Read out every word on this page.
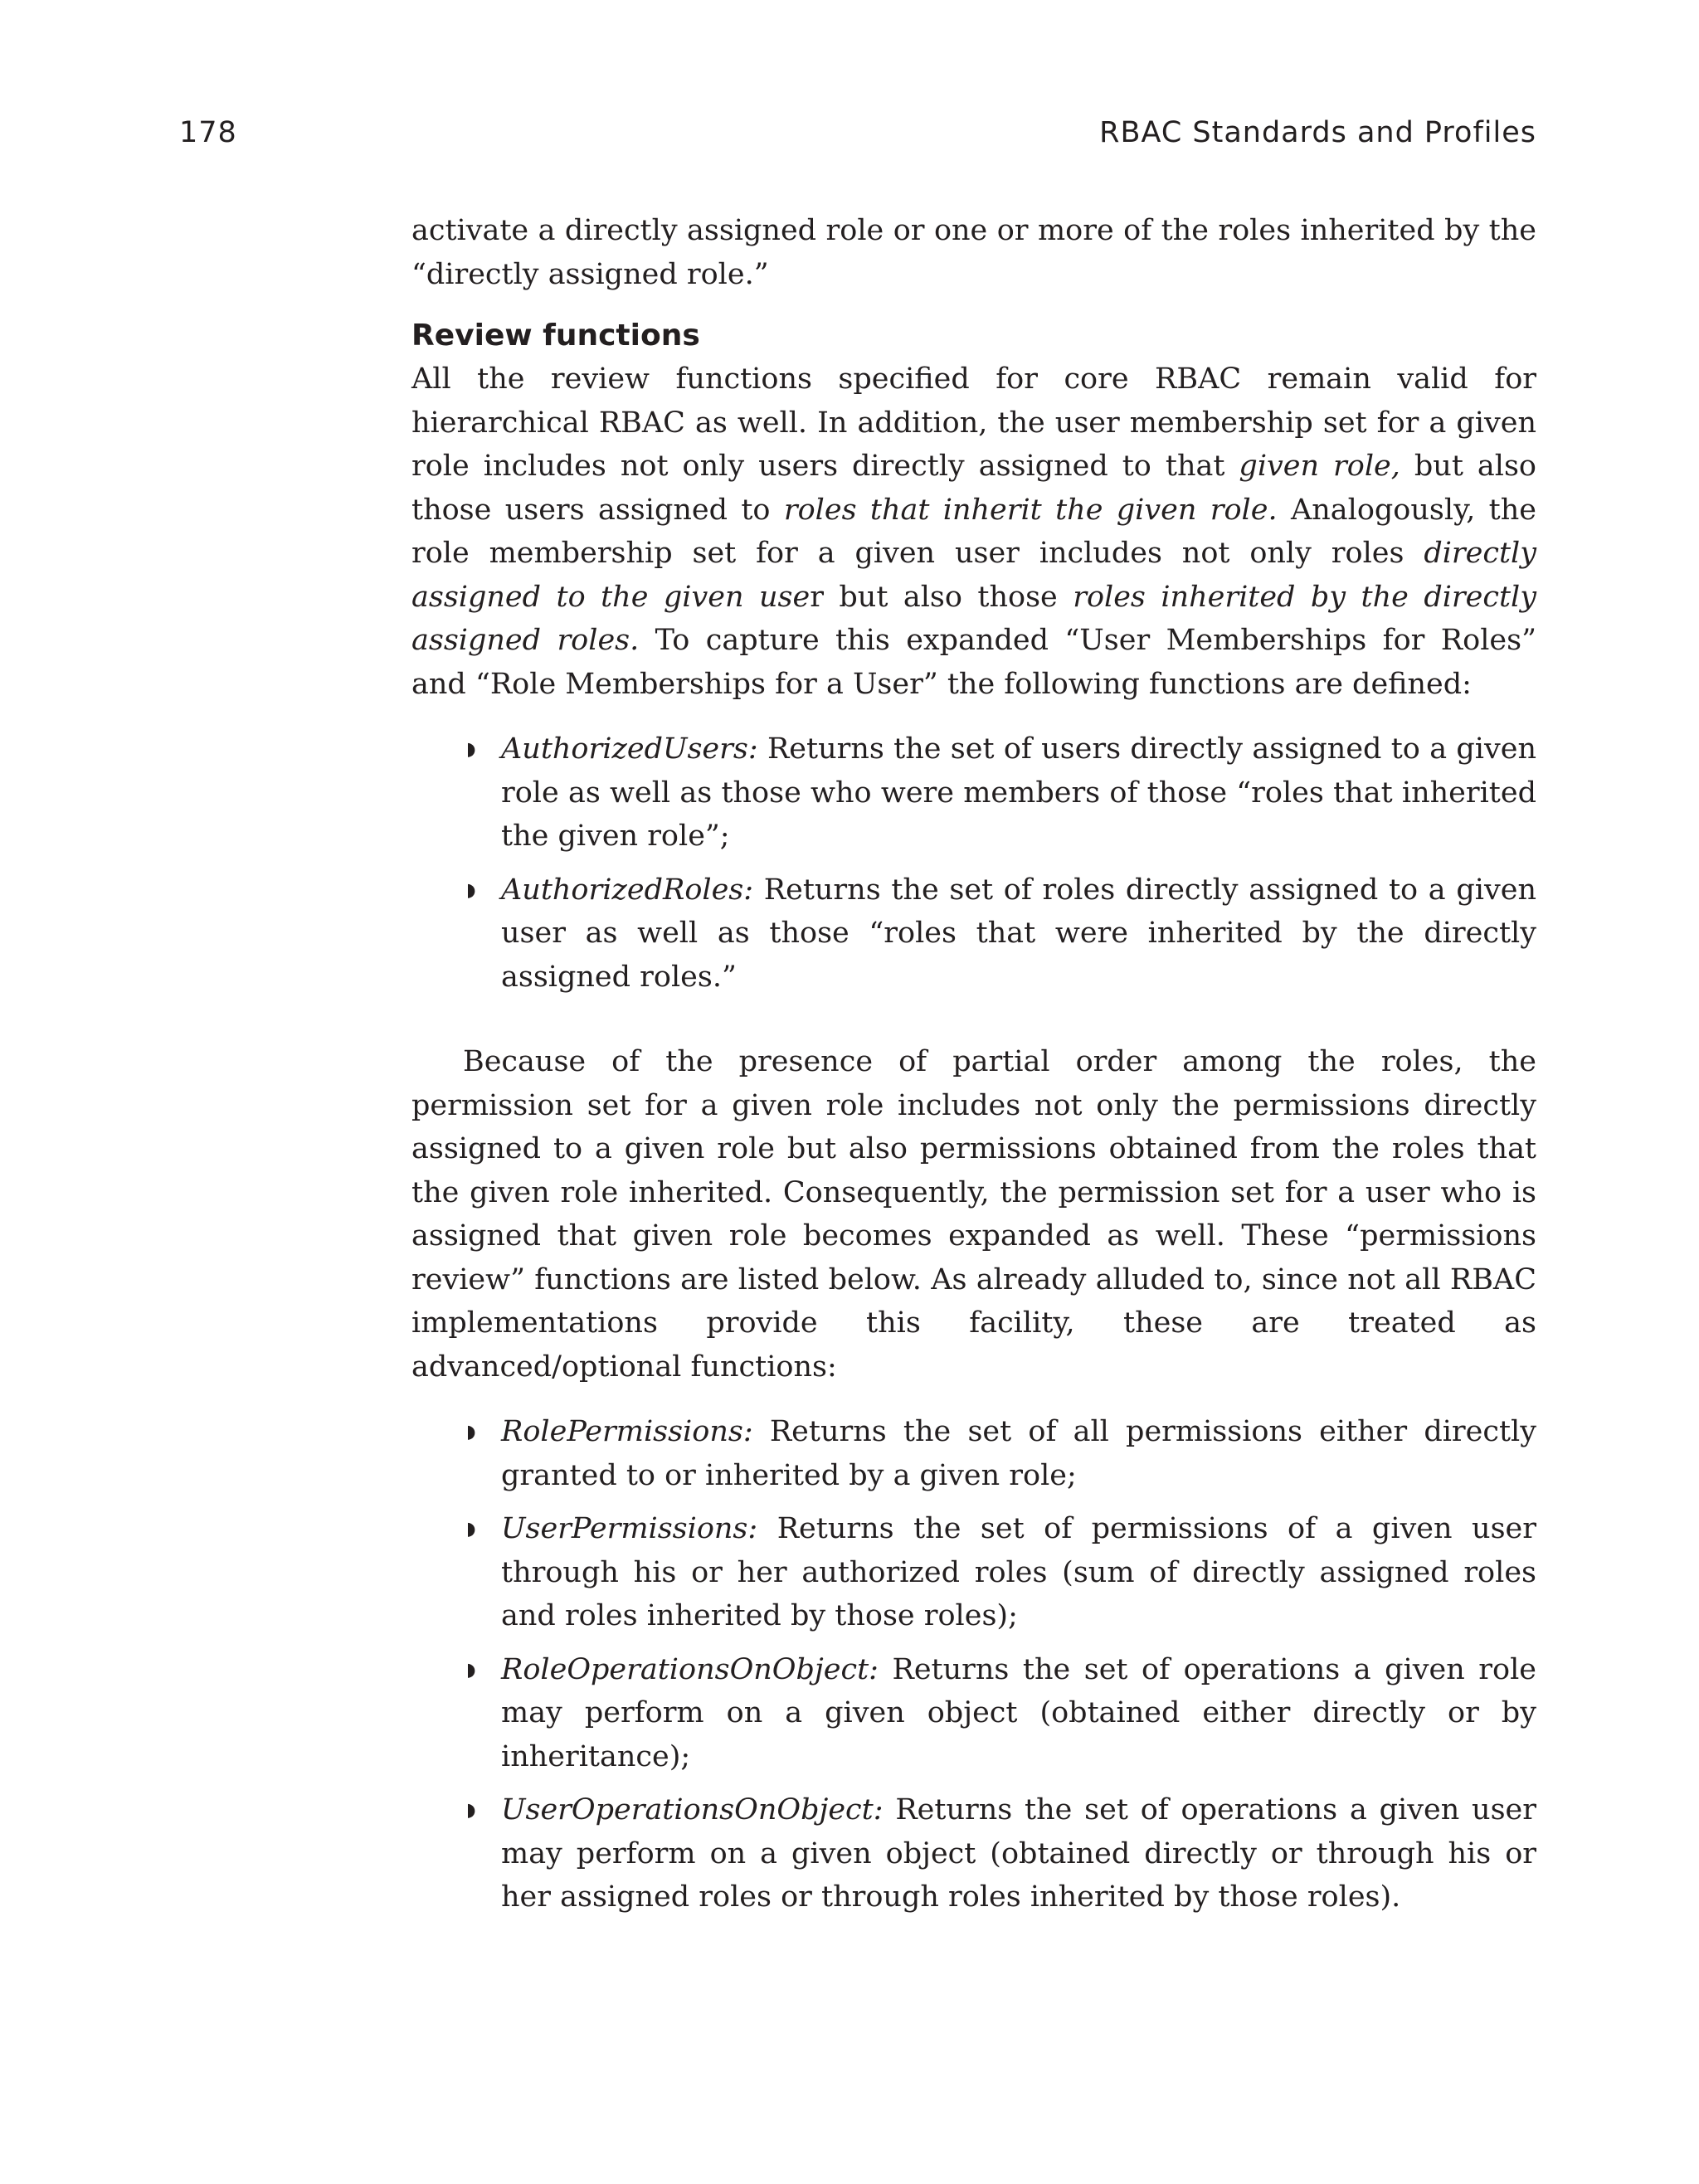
178	RBAC Standards and Profiles

activate a directly assigned role or one or more of the roles inherited by the “directly assigned role.”

Review functions

All the review functions specified for core RBAC remain valid for hierarchical RBAC as well. In addition, the user membership set for a given role includes not only users directly assigned to that given role, but also those users assigned to roles that inherit the given role. Analogously, the role membership set for a given user includes not only roles directly assigned to the given user but also those roles inherited by the directly assigned roles. To capture this expanded “User Memberships for Roles” and “Role Memberships for a User” the following functions are defined:

◗ AuthorizedUsers: Returns the set of users directly assigned to a given role as well as those who were members of those “roles that inherited the given role”;
◗ AuthorizedRoles: Returns the set of roles directly assigned to a given user as well as those “roles that were inherited by the directly assigned roles.”

Because of the presence of partial order among the roles, the permission set for a given role includes not only the permissions directly assigned to a given role but also permissions obtained from the roles that the given role inherited. Consequently, the permission set for a user who is assigned that given role becomes expanded as well. These “permissions review” functions are listed below. As already alluded to, since not all RBAC implementations provide this facility, these are treated as advanced/optional functions:

◗ RolePermissions: Returns the set of all permissions either directly granted to or inherited by a given role;
◗ UserPermissions: Returns the set of permissions of a given user through his or her authorized roles (sum of directly assigned roles and roles inherited by those roles);
◗ RoleOperationsOnObject: Returns the set of operations a given role may perform on a given object (obtained either directly or by inheritance);
◗ UserOperationsOnObject: Returns the set of operations a given user may perform on a given object (obtained directly or through his or her assigned roles or through roles inherited by those roles).
